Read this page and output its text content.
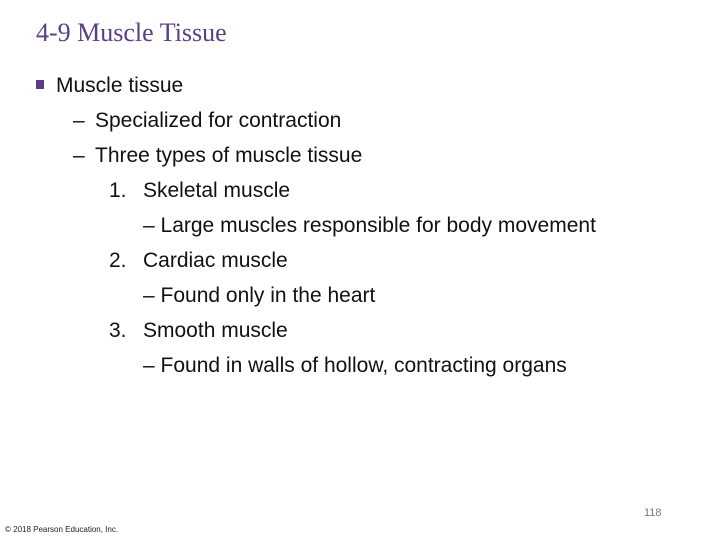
4-9 Muscle Tissue
Muscle tissue
– Specialized for contraction
– Three types of muscle tissue
1. Skeletal muscle
– Large muscles responsible for body movement
2. Cardiac muscle
– Found only in the heart
3. Smooth muscle
– Found in walls of hollow, contracting organs
118
© 2018 Pearson Education, Inc.
